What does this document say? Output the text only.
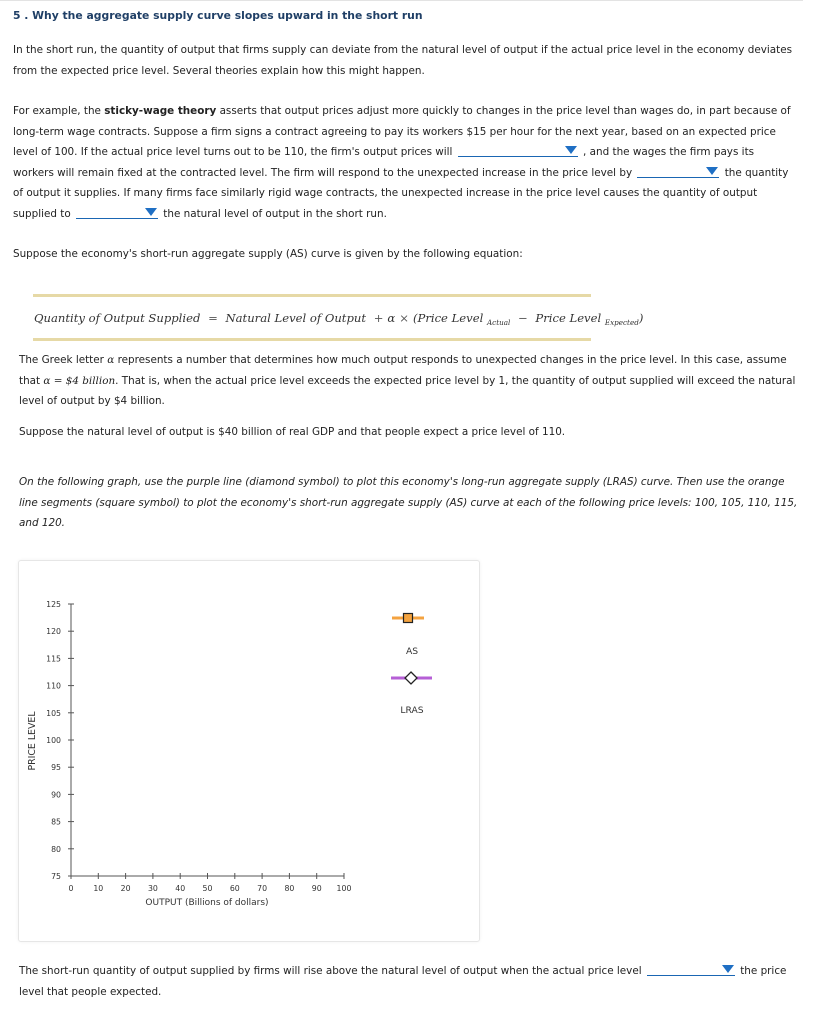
5 . Why the aggregate supply curve slopes upward in the short run

In the short run, the quantity of output that firms supply can deviate from the natural level of output if the actual price level in the economy deviates from the expected price level. Several theories explain how this might happen.

For example, the sticky-wage theory asserts that output prices adjust more quickly to changes in the price level than wages do, in part because of long-term wage contracts. Suppose a firm signs a contract agreeing to pay its workers $15 per hour for the next year, based on an expected price level of 100. If the actual price level turns out to be 110, the firm's output prices will	, and the wages the firm pays its workers will remain fixed at the contracted level. The firm will respond to the unexpected increase in the price level by	the quantity of output it supplies. If many firms face similarly rigid wage contracts, the unexpected increase in the price level causes the quantity of output supplied to	the natural level of output in the short run.

Suppose the economy's short-run aggregate supply (AS) curve is given by the following equation:

Quantity of Output Supplied = Natural Level of Output + α × (Price Level $_{Actual}$ − Price Level $_{Expected}$)

The Greek letter α represents a number that determines how much output responds to unexpected changes in the price level. In this case, assume that α = $4 billion. That is, when the actual price level exceeds the expected price level by 1, the quantity of output supplied will exceed the natural level of output by $4 billion.

Suppose the natural level of output is $40 billion of real GDP and that people expect a price level of 110.

On the following graph, use the purple line (diamond symbol) to plot this economy's long-run aggregate supply (LRAS) curve. Then use the orange line segments (square symbol) to plot the economy's short-run aggregate supply (AS) curve at each of the following price levels: 100, 105, 110, 115, and 120.

125
120
115
110
105
100
95
90
85
80
75
0	10 20 30 40 50 60 70 80 90 100
PRICE LEVEL
OUTPUT (Billions of dollars)
AS
LRAS

The short-run quantity of output supplied by firms will rise above the natural level of output when the actual price level	the price level that people expected.
